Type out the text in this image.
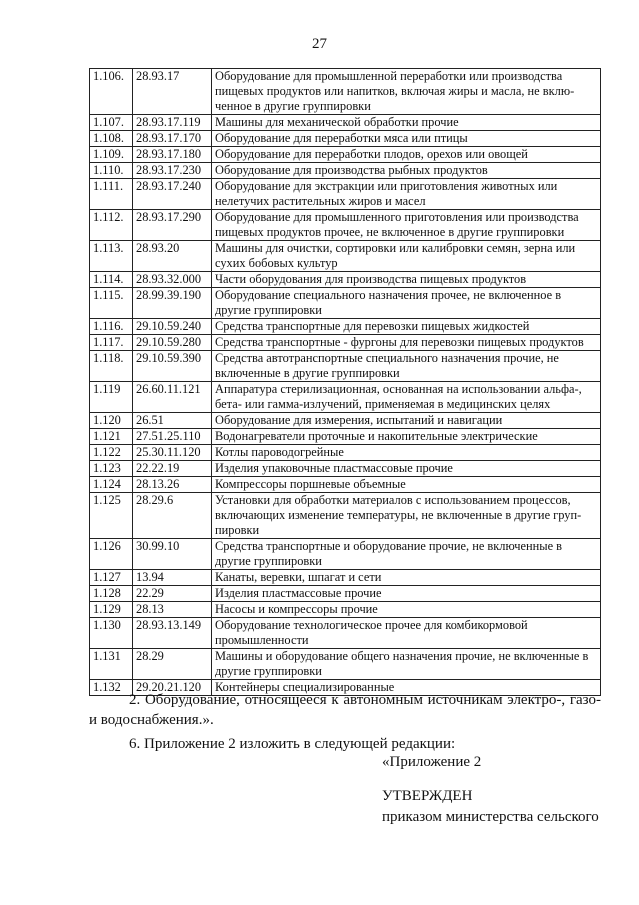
27
1.106.	28.93.17	Оборудование для промышленной переработки или производства пищевых продуктов или напитков, включая жиры и масла, не вклю-ченное в другие группировки
1.107.	28.93.17.119	Машины для механической обработки прочие
1.108.	28.93.17.170	Оборудование для переработки мяса или птицы
1.109.	28.93.17.180	Оборудование для переработки плодов, орехов или овощей
1.110.	28.93.17.230	Оборудование для производства рыбных продуктов
1.111.	28.93.17.240	Оборудование для экстракции или приготовления животных или нелетучих растительных жиров и масел
1.112.	28.93.17.290	Оборудование для промышленного приготовления или производства пищевых продуктов прочее, не включенное в другие группировки
1.113.	28.93.20	Машины для очистки, сортировки или калибровки семян, зерна или сухих бобовых культур
1.114.	28.93.32.000	Части оборудования для производства пищевых продуктов
1.115.	28.99.39.190	Оборудование специального назначения прочее, не включенное в другие группировки
1.116.	29.10.59.240	Средства транспортные для перевозки пищевых жидкостей
1.117.	29.10.59.280	Средства транспортные - фургоны для перевозки пищевых продуктов
1.118.	29.10.59.390	Средства автотранспортные специального назначения прочие, не включенные в другие группировки
1.119	26.60.11.121	Аппаратура стерилизационная, основанная на использовании альфа-, бета- или гамма-излучений, применяемая в медицинских целях
1.120	26.51	Оборудование для измерения, испытаний и навигации
1.121	27.51.25.110	Водонагреватели проточные и накопительные электрические
1.122	25.30.11.120	Котлы пароводогрейные
1.123	22.22.19	Изделия упаковочные пластмассовые прочие
1.124	28.13.26	Компрессоры поршневые объемные
1.125	28.29.6	Установки для обработки материалов с использованием процессов, включающих изменение температуры, не включенные в другие груп-пировки
1.126	30.99.10	Средства транспортные и оборудование прочие, не включенные в другие группировки
1.127	13.94	Канаты, веревки, шпагат и сети
1.128	22.29	Изделия пластмассовые прочие
1.129	28.13	Насосы и компрессоры прочие
1.130	28.93.13.149	Оборудование технологическое прочее для комбикормовой промышленности
1.131	28.29	Машины и оборудование общего назначения прочие, не включенные в другие группировки
1.132	29.20.21.120	Контейнеры специализированные
2. Оборудование, относящееся к автономным источникам электро-, газо- и водоснабжения.».
6. Приложение 2 изложить в следующей редакции:
«Приложение 2
УТВЕРЖДЕН
приказом министерства сельского
